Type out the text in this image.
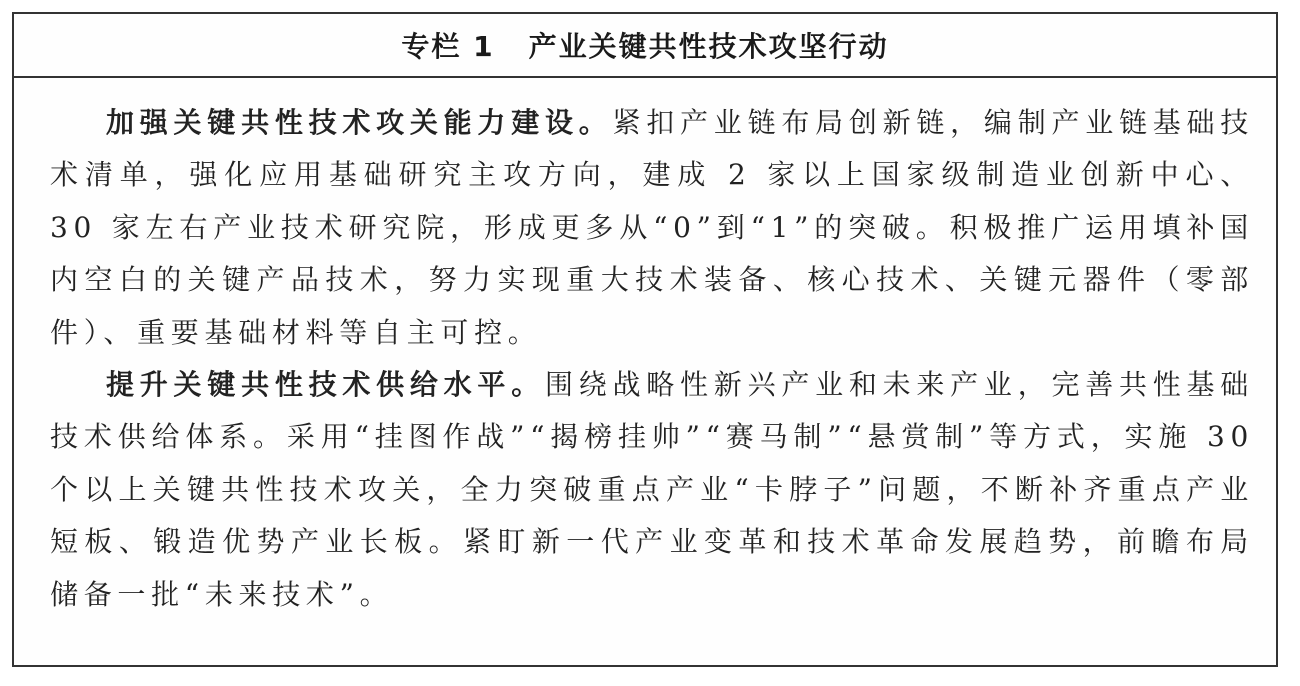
专栏 1 产业关键共性技术攻坚行动

加强关键共性技术攻关能力建设。紧扣产业链布局创新链，编制产业链基础技术清单，强化应用基础研究主攻方向，建成 2 家以上国家级制造业创新中心、30 家左右产业技术研究院，形成更多从“0”到“1”的突破。积极推广运用填补国内空白的关键产品技术，努力实现重大技术装备、核心技术、关键元器件（零部件）、重要基础材料等自主可控。

提升关键共性技术供给水平。围绕战略性新兴产业和未来产业，完善共性基础技术供给体系。采用“挂图作战”“揭榜挂帅”“赛马制”“悬赏制”等方式，实施 30 个以上关键共性技术攻关，全力突破重点产业“卡脖子”问题，不断补齐重点产业短板、锻造优势产业长板。紧盯新一代产业变革和技术革命发展趋势，前瞻布局储备一批“未来技术”。
